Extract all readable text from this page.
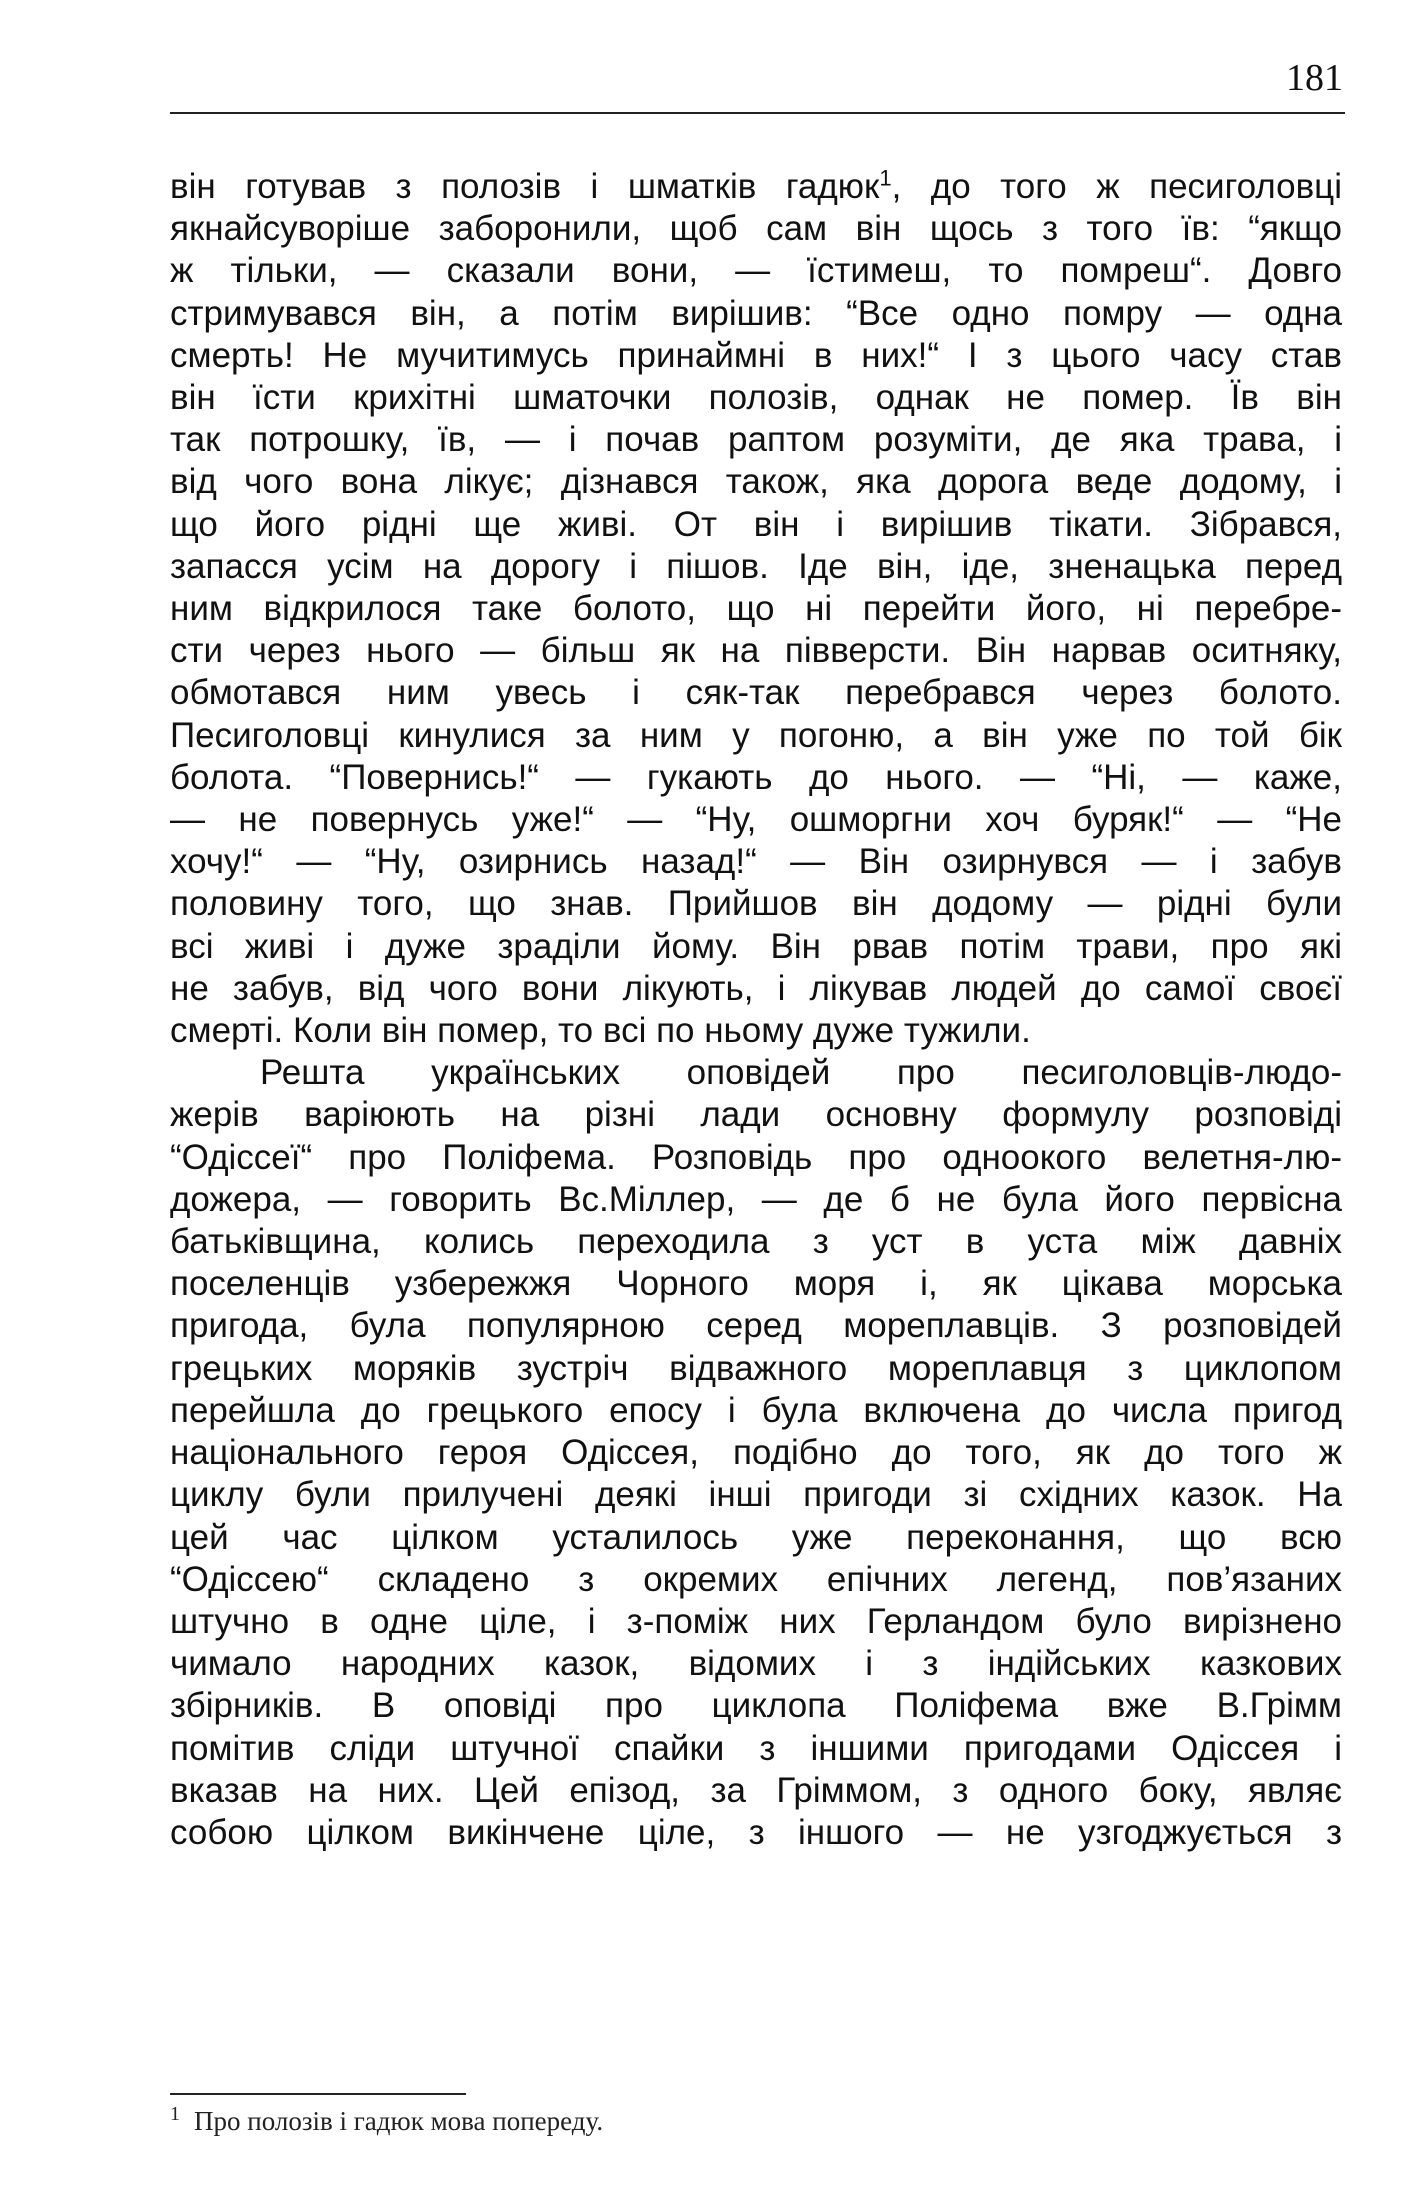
181
він готував з полозів і шматків гадюк$^1$, до того ж песиголовці
якнайсуворіше заборонили, щоб сам він щось з того їв: “якщо
ж тільки, — сказали вони, — їстимеш, то помреш“. Довго
стримувався він, а потім вирішив: “Все одно помру — одна
смерть! Не мучитимусь принаймні в них!“ І з цього часу став
він їсти крихітні шматочки полозів, однак не помер. Їв він
так потрошку, їв, — і почав раптом розуміти, де яка трава, і
від чого вона лікує; дізнався також, яка дорога веде додому, і
що його рідні ще живі. От він і вирішив тікати. Зібрався,
запасся усім на дорогу і пішов. Іде він, іде, зненацька перед
ним відкрилося таке болото, що ні перейти його, ні перебре-
сти через нього — більш як на півверсти. Він нарвав оситняку,
обмотався ним увесь і сяк-так перебрався через болото.
Песиголовці кинулися за ним у погоню, а він уже по той бік
болота. “Повернись!“ — гукають до нього. — “Ні, — каже,
— не повернусь уже!“ — “Ну, ошморгни хоч буряк!“ — “Не
хочу!“ — “Ну, озирнись назад!“ — Він озирнувся — і забув
половину того, що знав. Прийшов він додому — рідні були
всі живі і дуже зраділи йому. Він рвав потім трави, про які
не забув, від чого вони лікують, і лікував людей до самої своєї
смерті. Коли він помер, то всі по ньому дуже тужили.
Решта українських оповідей про песиголовців-людо-
жерів варіюють на різні лади основну формулу розповіді
“Одіссеї“ про Поліфема. Розповідь про одноокого велетня-лю-
дожера, — говорить Вс.Міллер, — де б не була його первісна
батьківщина, колись переходила з уст в уста між давніх
поселенців узбережжя Чорного моря і, як цікава морська
пригода, була популярною серед мореплавців. З розповідей
грецьких моряків зустріч відважного мореплавця з циклопом
перейшла до грецького епосу і була включена до числа пригод
національного героя Одіссея, подібно до того, як до того ж
циклу були прилучені деякі інші пригоди зі східних казок. На
цей час цілком усталилось уже переконання, що всю
“Одіссею“ складено з окремих епічних легенд, пов’язаних
штучно в одне ціле, і з-поміж них Герландом було вирізнено
чимало народних казок, відомих і з індійських казкових
збірників. В оповіді про циклопа Поліфема вже В.Грімм
помітив сліди штучної спайки з іншими пригодами Одіссея і
вказав на них. Цей епізод, за Гріммом, з одного боку, являє
собою цілком викінчене ціле, з іншого — не узгоджується з
$^1$ Про полозів і гадюк мова попереду.
